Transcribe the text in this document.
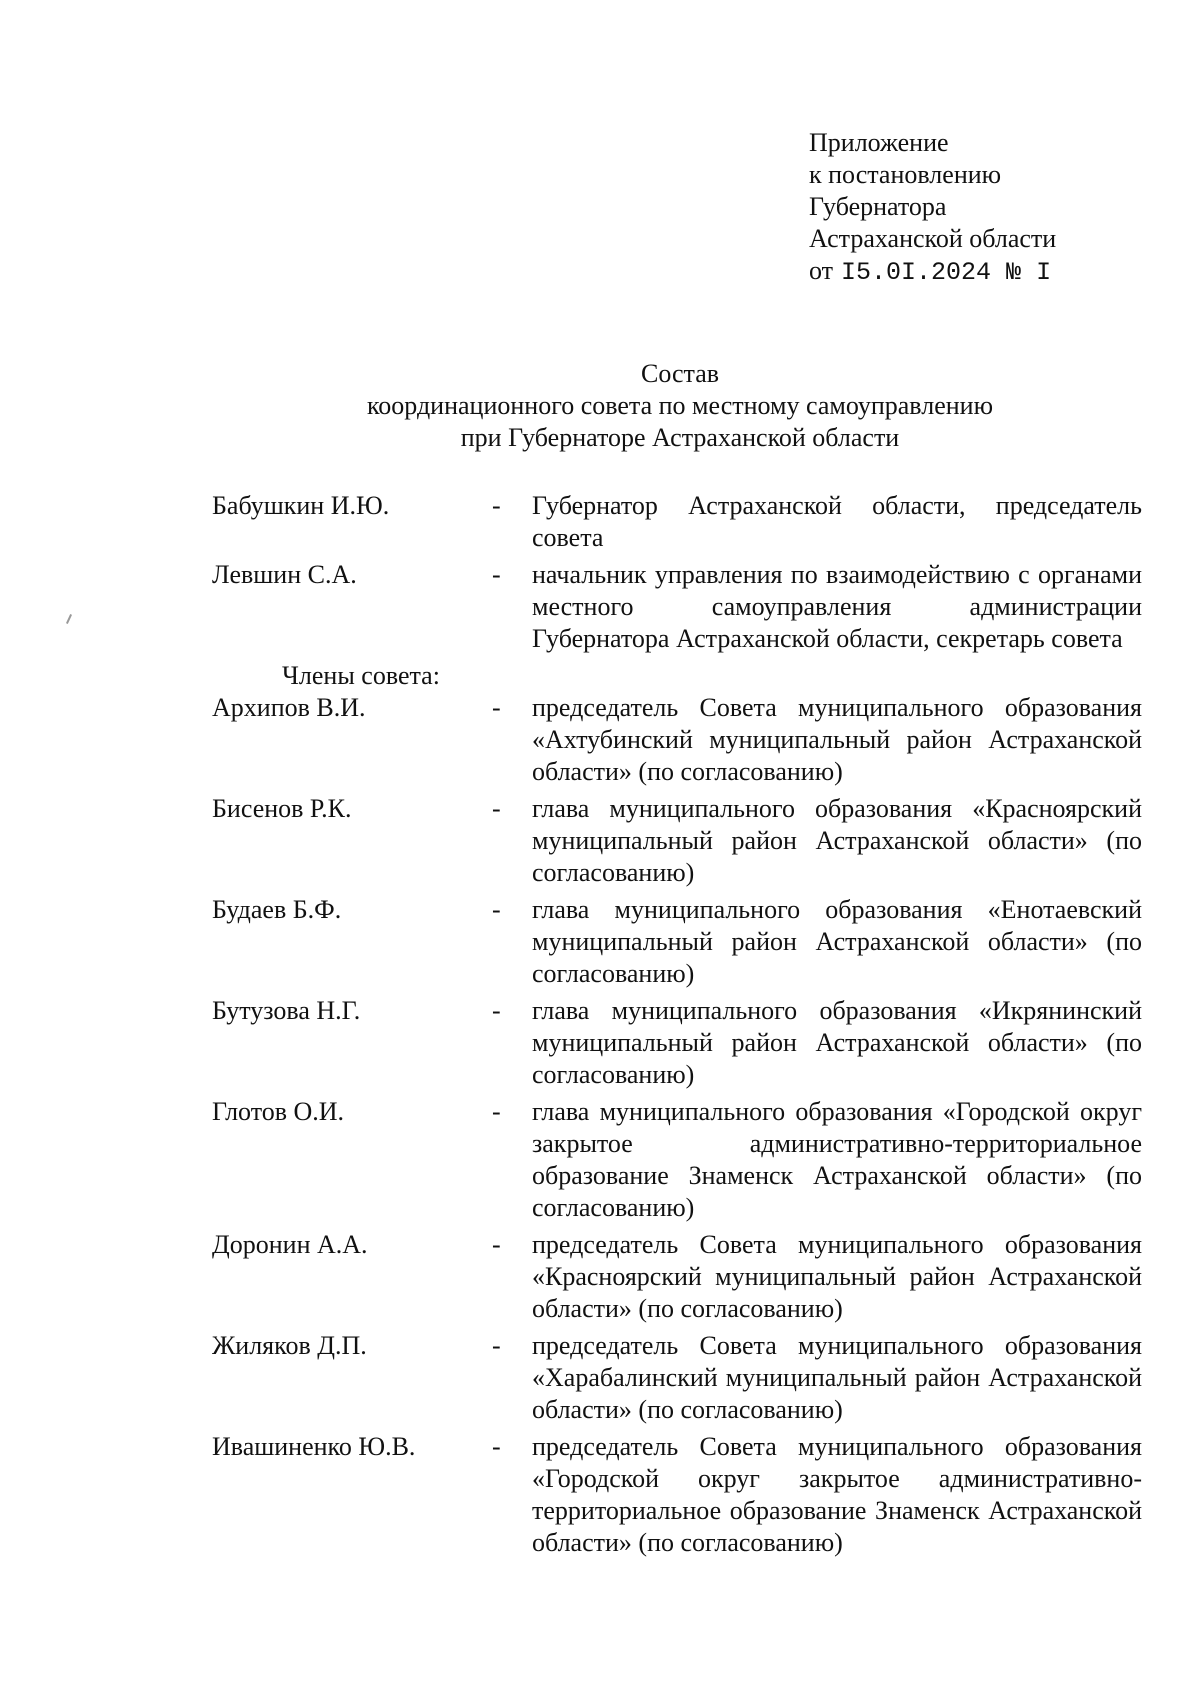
Приложение
к постановлению
Губернатора
Астраханской области
от I5.0I.2024 № I
Состав
координационного совета по местному самоуправлению
при Губернаторе Астраханской области
Бабушкин И.Ю.	-	Губернатор Астраханской области, председатель совета
Левшин С.А.	-	начальник управления по взаимодействию с органами местного самоуправления администрации Губернатора Астраханской области, секретарь совета
Члены совета:
Архипов В.И.	-	председатель Совета муниципального образования «Ахтубинский муниципальный район Астраханской области» (по согласованию)
Бисенов Р.К.	-	глава муниципального образования «Красноярский муниципальный район Астраханской области» (по согласованию)
Будаев Б.Ф.	-	глава муниципального образования «Енотаевский муниципальный район Астраханской области» (по согласованию)
Бутузова Н.Г.	-	глава муниципального образования «Икрянинский муниципальный район Астраханской области» (по согласованию)
Глотов О.И.	-	глава муниципального образования «Городской округ закрытое административно-территориальное образование Знаменск Астраханской области» (по согласованию)
Доронин А.А.	-	председатель Совета муниципального образования «Красноярский муниципальный район Астраханской области» (по согласованию)
Жиляков Д.П.	-	председатель Совета муниципального образования «Харабалинский муниципальный район Астраханской области» (по согласованию)
Ивашиненко Ю.В.	-	председатель Совета муниципального образования «Городской округ закрытое административно-территориальное образование Знаменск Астраханской области» (по согласованию)
